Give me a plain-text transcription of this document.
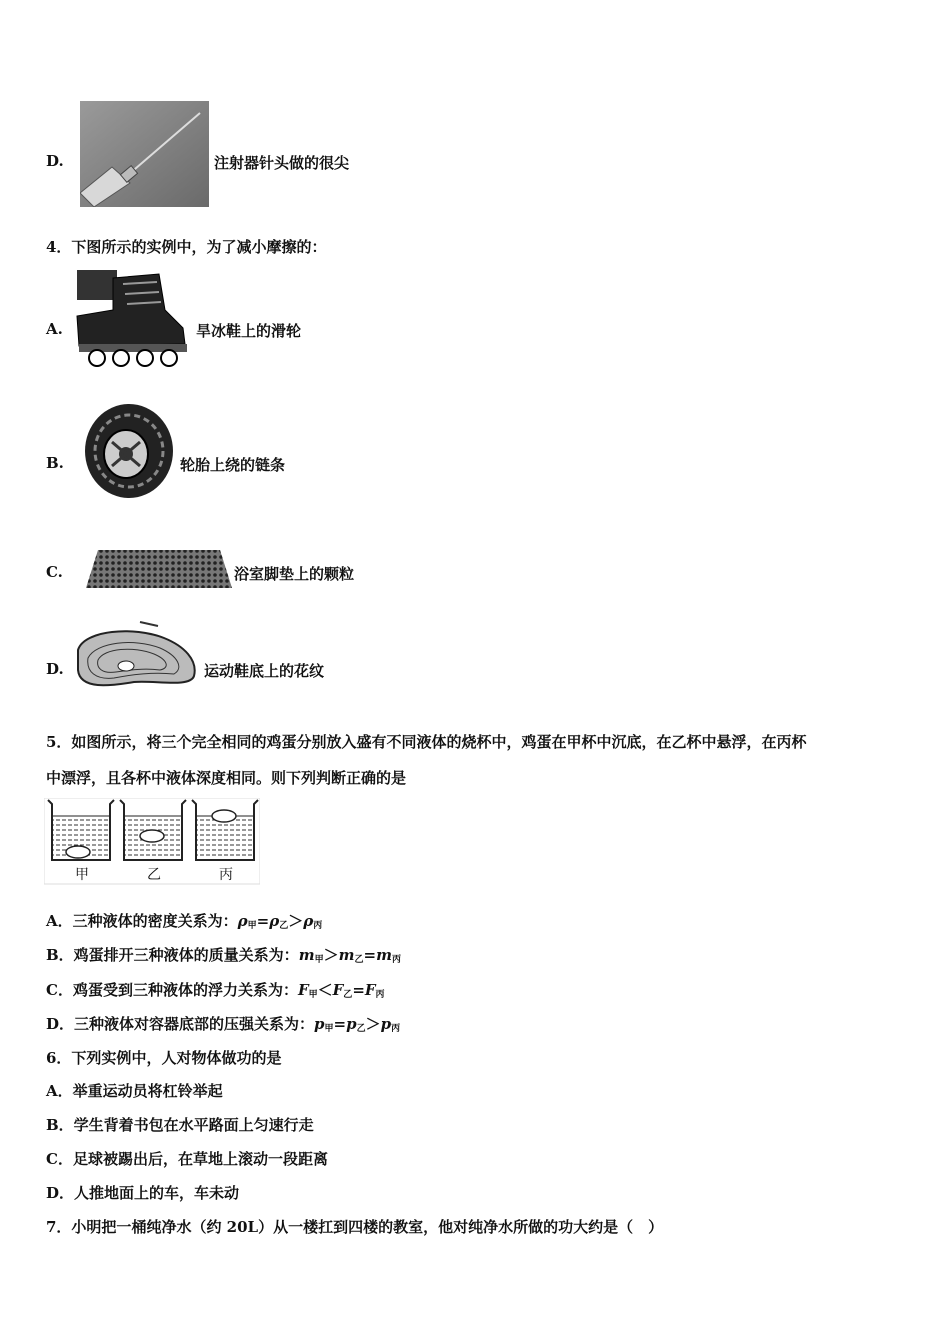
D.	注射器针头做的很尖
4．下图所示的实例中，为了减小摩擦的：
A.	旱冰鞋上的滑轮
B.	轮胎上绕的链条
C.	浴室脚垫上的颗粒
D.	运动鞋底上的花纹
5．如图所示，将三个完全相同的鸡蛋分别放入盛有不同液体的烧杯中，鸡蛋在甲杯中沉底，在乙杯中悬浮，在丙杯
中漂浮，且各杯中液体深度相同。则下列判断正确的是
甲	乙	丙
A．三种液体的密度关系为：$\rho_甲=\rho_乙>\rho_丙$
B．鸡蛋排开三种液体的质量关系为：$m_甲>m_乙=m_丙$
C．鸡蛋受到三种液体的浮力关系为：$F_甲<F_乙=F_丙$
D．三种液体对容器底部的压强关系为：$p_甲=p_乙>p_丙$
6．下列实例中，人对物体做功的是
A．举重运动员将杠铃举起
B．学生背着书包在水平路面上匀速行走
C．足球被踢出后，在草地上滚动一段距离
D．人推地面上的车，车未动
7．小明把一桶纯净水（约 20L）从一楼扛到四楼的教室，他对纯净水所做的功大约是（　）
